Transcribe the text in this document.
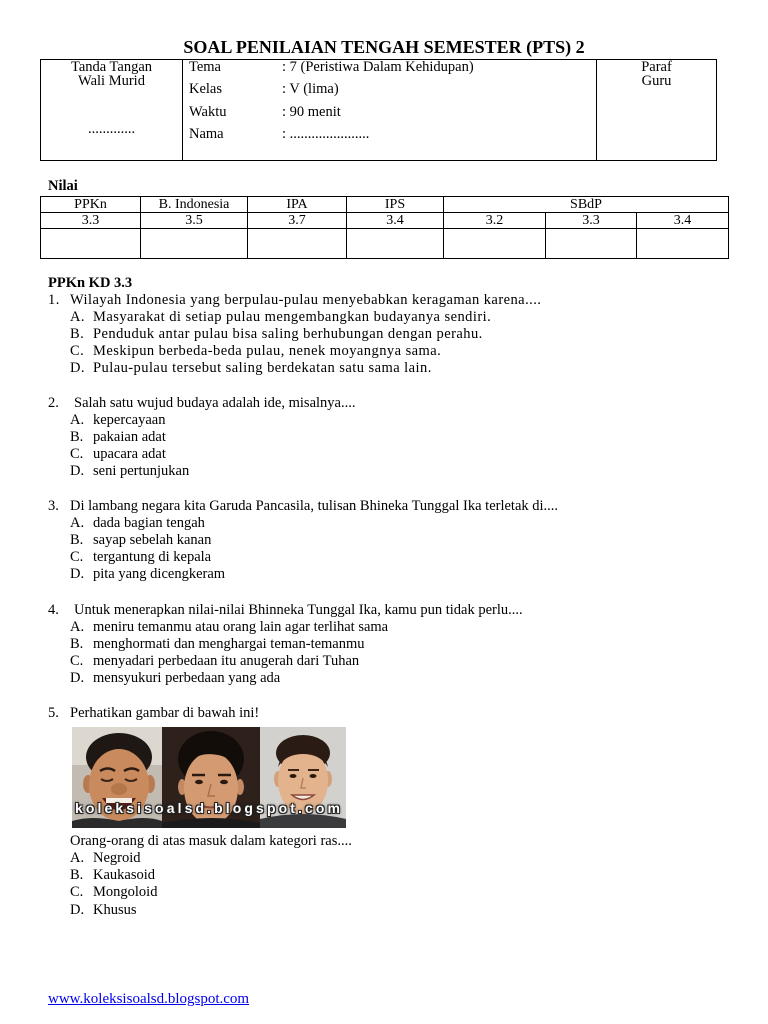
SOAL PENILAIAN TENGAH SEMESTER (PTS) 2
Tanda Tangan
Wali Murid
.............
Tema	: 7 (Peristiwa Dalam Kehidupan)
Kelas	: V (lima)
Waktu	: 90 menit
Nama	: ......................
Paraf
Guru
Nilai
PPKn	B. Indonesia	IPA	IPS	SBdP		
3.3	3.5	3.7	3.4	3.2	3.3	3.4

PPKn KD 3.3
1. Wilayah Indonesia yang berpulau-pulau menyebabkan keragaman karena....
A. Masyarakat di setiap pulau mengembangkan budayanya sendiri.
B. Penduduk antar pulau bisa saling berhubungan dengan perahu.
C. Meskipun berbeda-beda pulau, nenek moyangnya sama.
D. Pulau-pulau tersebut saling berdekatan satu sama lain.
2. Salah satu wujud budaya adalah ide, misalnya....
A. kepercayaan
B. pakaian adat
C. upacara adat
D. seni pertunjukan
3. Di lambang negara kita Garuda Pancasila, tulisan Bhineka Tunggal Ika terletak di....
A. dada bagian tengah
B. sayap sebelah kanan
C. tergantung di kepala
D. pita yang dicengkeram
4. Untuk menerapkan nilai-nilai Bhinneka Tunggal Ika, kamu pun tidak perlu....
A. meniru temanmu atau orang lain agar terlihat sama
B. menghormati dan menghargai teman-temanmu
C. menyadari perbedaan itu anugerah dari Tuhan
D. mensyukuri perbedaan yang ada
5. Perhatikan gambar di bawah ini!
koleksisoalsd.blogspot.com
Orang-orang di atas masuk dalam kategori ras....
A. Negroid
B. Kaukasoid
C. Mongoloid
D. Khusus
www.koleksisoalsd.blogspot.com
